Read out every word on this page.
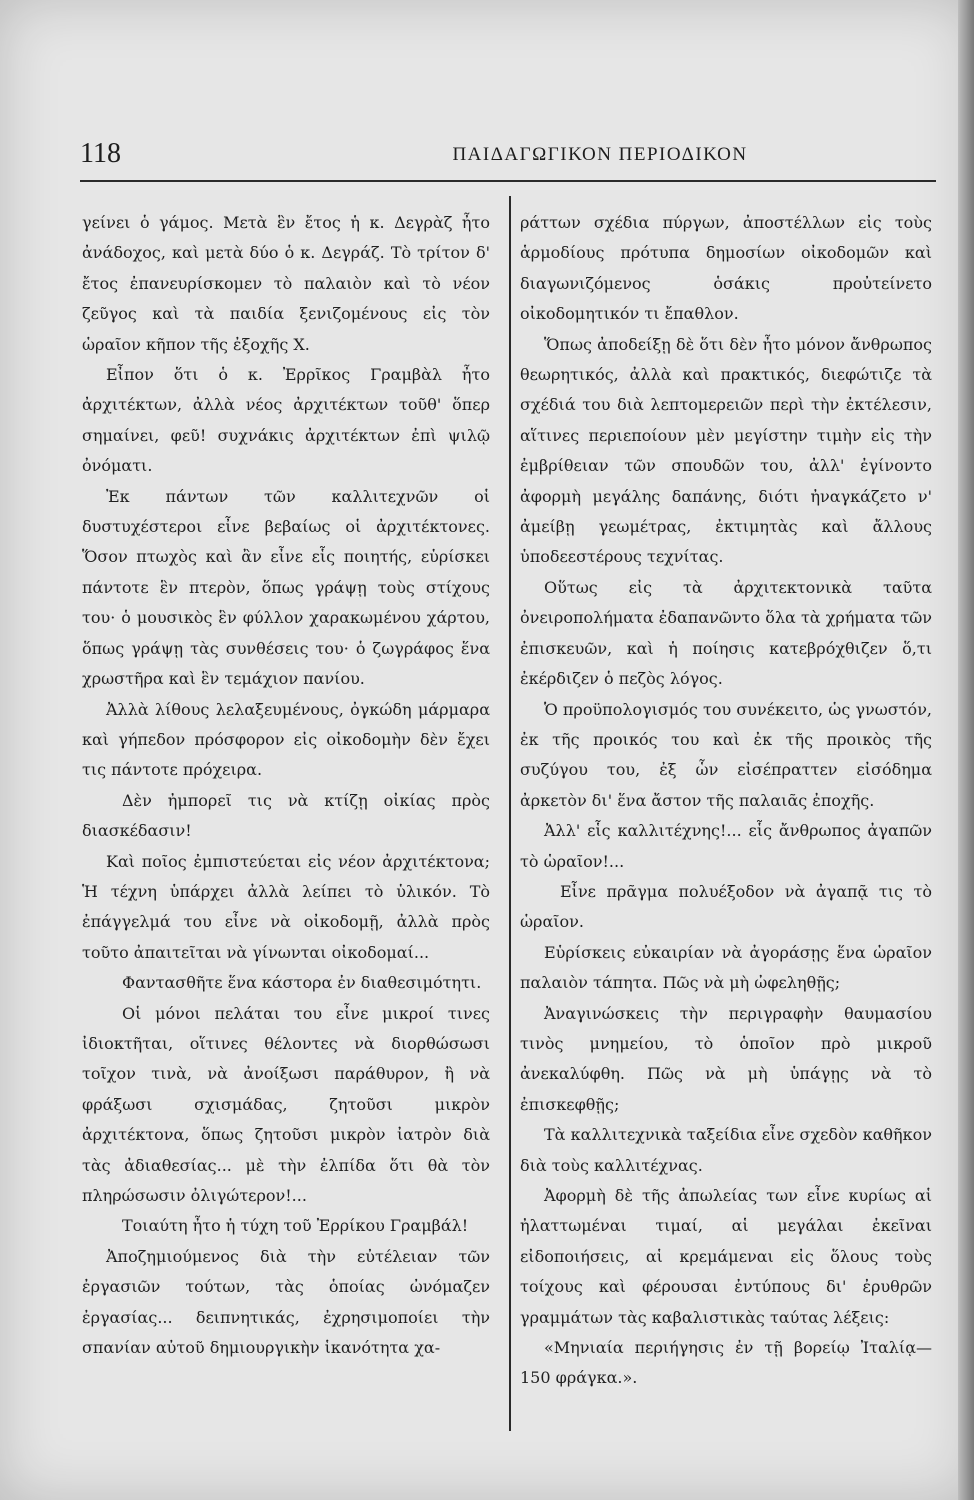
118	ΠΑΙΔΑΓΩΓΙΚΟΝ ΠΕΡΙΟΔΙΚΟΝ

γείνει ὁ γάμος. Μετὰ ἓν ἔτος ἡ κ. Δεγρὰζ ἦτο ἀνάδοχος, καὶ μετὰ δύο ὁ κ. Δεγράζ. Τὸ τρίτον δ' ἔτος ἐπανευρίσκομεν τὸ παλαιὸν καὶ τὸ νέον ζεῦγος καὶ τὰ παιδία ξενιζομένους εἰς τὸν ὡραῖον κῆπον τῆς ἐξοχῆς Χ.

Εἶπον ὅτι ὁ κ. Ἐρρῖκος Γραμβὰλ ἦτο ἀρχιτέκτων, ἀλλὰ νέος ἀρχιτέκτων τοῦθ' ὅπερ σημαίνει, φεῦ! συχνάκις ἀρχιτέκτων ἐπὶ ψιλῷ ὀνόματι.

Ἐκ πάντων τῶν καλλιτεχνῶν οἱ δυστυχέστεροι εἶνε βεβαίως οἱ ἀρχιτέκτονες. Ὅσον πτωχὸς καὶ ἂν εἶνε εἷς ποιητής, εὑρίσκει πάντοτε ἓν πτερὸν, ὅπως γράψῃ τοὺς στίχους του· ὁ μουσικὸς ἓν φύλλον χαρακωμένου χάρτου, ὅπως γράψῃ τὰς συνθέσεις του· ὁ ζωγράφος ἕνα χρωστῆρα καὶ ἓν τεμάχιον πανίου.

Ἀλλὰ λίθους λελαξευμένους, ὀγκώδη μάρμαρα καὶ γήπεδον πρόσφορον εἰς οἰκοδομὴν δὲν ἔχει τις πάντοτε πρόχειρα.

Δὲν ἠμπορεῖ τις νὰ κτίζῃ οἰκίας πρὸς διασκέδασιν!

Καὶ ποῖος ἐμπιστεύεται εἰς νέον ἀρχιτέκτονα; Ἡ τέχνη ὑπάρχει ἀλλὰ λείπει τὸ ὑλικόν. Τὸ ἐπάγγελμά του εἶνε νὰ οἰκοδομῇ, ἀλλὰ πρὸς τοῦτο ἀπαιτεῖται νὰ γίνωνται οἰκοδομαί...

Φαντασθῆτε ἕνα κάστορα ἐν διαθεσιμότητι.

Οἱ μόνοι πελάται του εἶνε μικροί τινες ἰδιοκτῆται, οἵτινες θέλοντες νὰ διορθώσωσι τοῖχον τινὰ, νὰ ἀνοίξωσι παράθυρον, ἢ νὰ φράξωσι σχισμάδας, ζητοῦσι μικρὸν ἀρχιτέκτονα, ὅπως ζητοῦσι μικρὸν ἰατρὸν διὰ τὰς ἀδιαθεσίας... μὲ τὴν ἐλπίδα ὅτι θὰ τὸν πληρώσωσιν ὀλιγώτερον!...

Τοιαύτη ἦτο ἡ τύχη τοῦ Ἐρρίκου Γραμβάλ!

Ἀποζημιούμενος διὰ τὴν εὐτέλειαν τῶν ἐργασιῶν τούτων, τὰς ὁποίας ὠνόμαζεν ἐργασίας... δειπνητικάς, ἐχρησιμοποίει τὴν σπανίαν αὐτοῦ δημιουργικὴν ἱκανότητα χα-

ράττων σχέδια πύργων, ἀποστέλλων εἰς τοὺς ἁρμοδίους πρότυπα δημοσίων οἰκοδομῶν καὶ διαγωνιζόμενος ὁσάκις προὐτείνετο οἰκοδομητικόν τι ἔπαθλον.

Ὅπως ἀποδείξῃ δὲ ὅτι δὲν ἦτο μόνον ἄνθρωπος θεωρητικός, ἀλλὰ καὶ πρακτικός, διεφώτιζε τὰ σχέδιά του διὰ λεπτομερειῶν περὶ τὴν ἐκτέλεσιν, αἵτινες περιεποίουν μὲν μεγίστην τιμὴν εἰς τὴν ἐμβρίθειαν τῶν σπουδῶν του, ἀλλ' ἐγίνοντο ἀφορμὴ μεγάλης δαπάνης, διότι ἠναγκάζετο ν' ἀμείβῃ γεωμέτρας, ἐκτιμητὰς καὶ ἄλλους ὑποδεεστέρους τεχνίτας.

Οὕτως εἰς τὰ ἀρχιτεκτονικὰ ταῦτα ὀνειροπολήματα ἐδαπανῶντο ὅλα τὰ χρήματα τῶν ἐπισκευῶν, καὶ ἡ ποίησις κατεβρόχθιζεν ὅ,τι ἐκέρδιζεν ὁ πεζὸς λόγος.

Ὁ προϋπολογισμός του συνέκειτο, ὡς γνωστόν, ἐκ τῆς προικός του καὶ ἐκ τῆς προικὸς τῆς συζύγου του, ἐξ ὧν εἰσέπραττεν εἰσόδημα ἀρκετὸν δι' ἕνα ἄστον τῆς παλαιᾶς ἐποχῆς.

Ἀλλ' εἷς καλλιτέχνης!... εἷς ἄνθρωπος ἀγαπῶν τὸ ὡραῖον!...

Εἶνε πρᾶγμα πολυέξοδον νὰ ἀγαπᾷ τις τὸ ὡραῖον.

Εὑρίσκεις εὐκαιρίαν νὰ ἀγοράσῃς ἕνα ὡραῖον παλαιὸν τάπητα. Πῶς νὰ μὴ ὠφεληθῇς;

Ἀναγινώσκεις τὴν περιγραφὴν θαυμασίου τινὸς μνημείου, τὸ ὁποῖον πρὸ μικροῦ ἀνεκαλύφθη. Πῶς νὰ μὴ ὑπάγῃς νὰ τὸ ἐπισκεφθῇς;

Τὰ καλλιτεχνικὰ ταξείδια εἶνε σχεδὸν καθῆκον διὰ τοὺς καλλιτέχνας.

Ἀφορμὴ δὲ τῆς ἀπωλείας των εἶνε κυρίως αἱ ἠλαττωμέναι τιμαί, αἱ μεγάλαι ἐκεῖναι εἰδοποιήσεις, αἱ κρεμάμεναι εἰς ὅλους τοὺς τοίχους καὶ φέρουσαι ἐντύπους δι' ἐρυθρῶν γραμμάτων τὰς καβαλιστικὰς ταύτας λέξεις:

«Μηνιαία περιήγησις ἐν τῇ βορείῳ Ἰταλίᾳ—150 φράγκα.».
